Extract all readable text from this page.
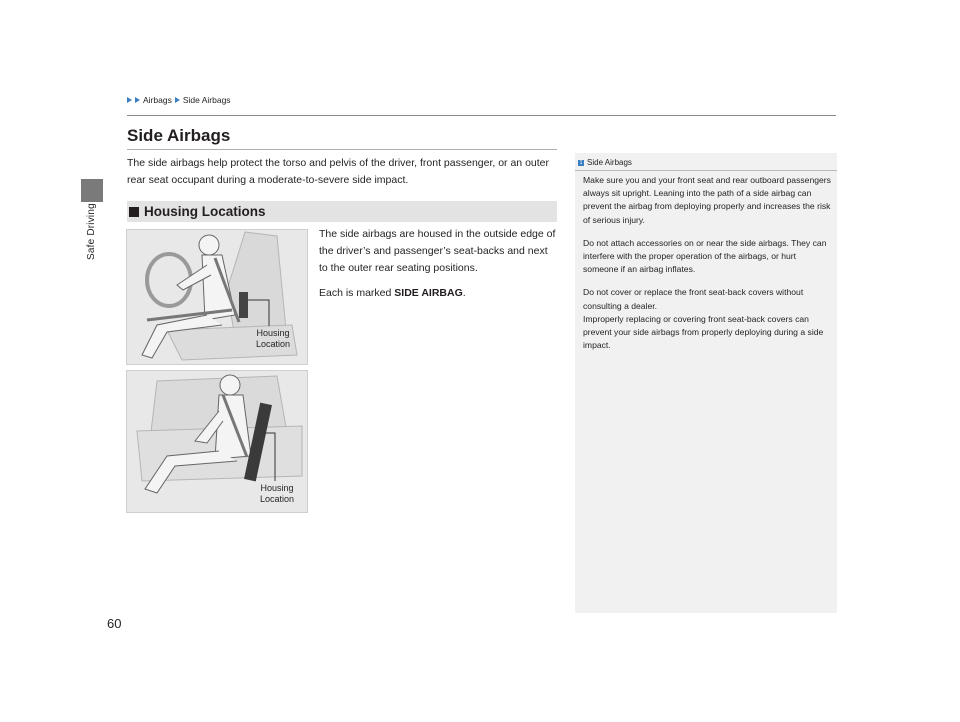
Safe Driving
Airbags Side Airbags
Side Airbags

The side airbags help protect the torso and pelvis of the driver, front passenger, or an outer rear seat occupant during a moderate-to-severe side impact.

Housing Locations
Housing
Location
Housing
Location

The side airbags are housed in the outside edge of the driver’s and passenger’s seat-backs and next to the outer rear seating positions.

Each is marked SIDE AIRBAG.

1 Side Airbags

Make sure you and your front seat and rear outboard passengers always sit upright. Leaning into the path of a side airbag can prevent the airbag from deploying properly and increases the risk of serious injury.

Do not attach accessories on or near the side airbags. They can interfere with the proper operation of the airbags, or hurt someone if an airbag inflates.

Do not cover or replace the front seat-back covers without consulting a dealer.

Improperly replacing or covering front seat-back covers can prevent your side airbags from properly deploying during a side impact.

60
